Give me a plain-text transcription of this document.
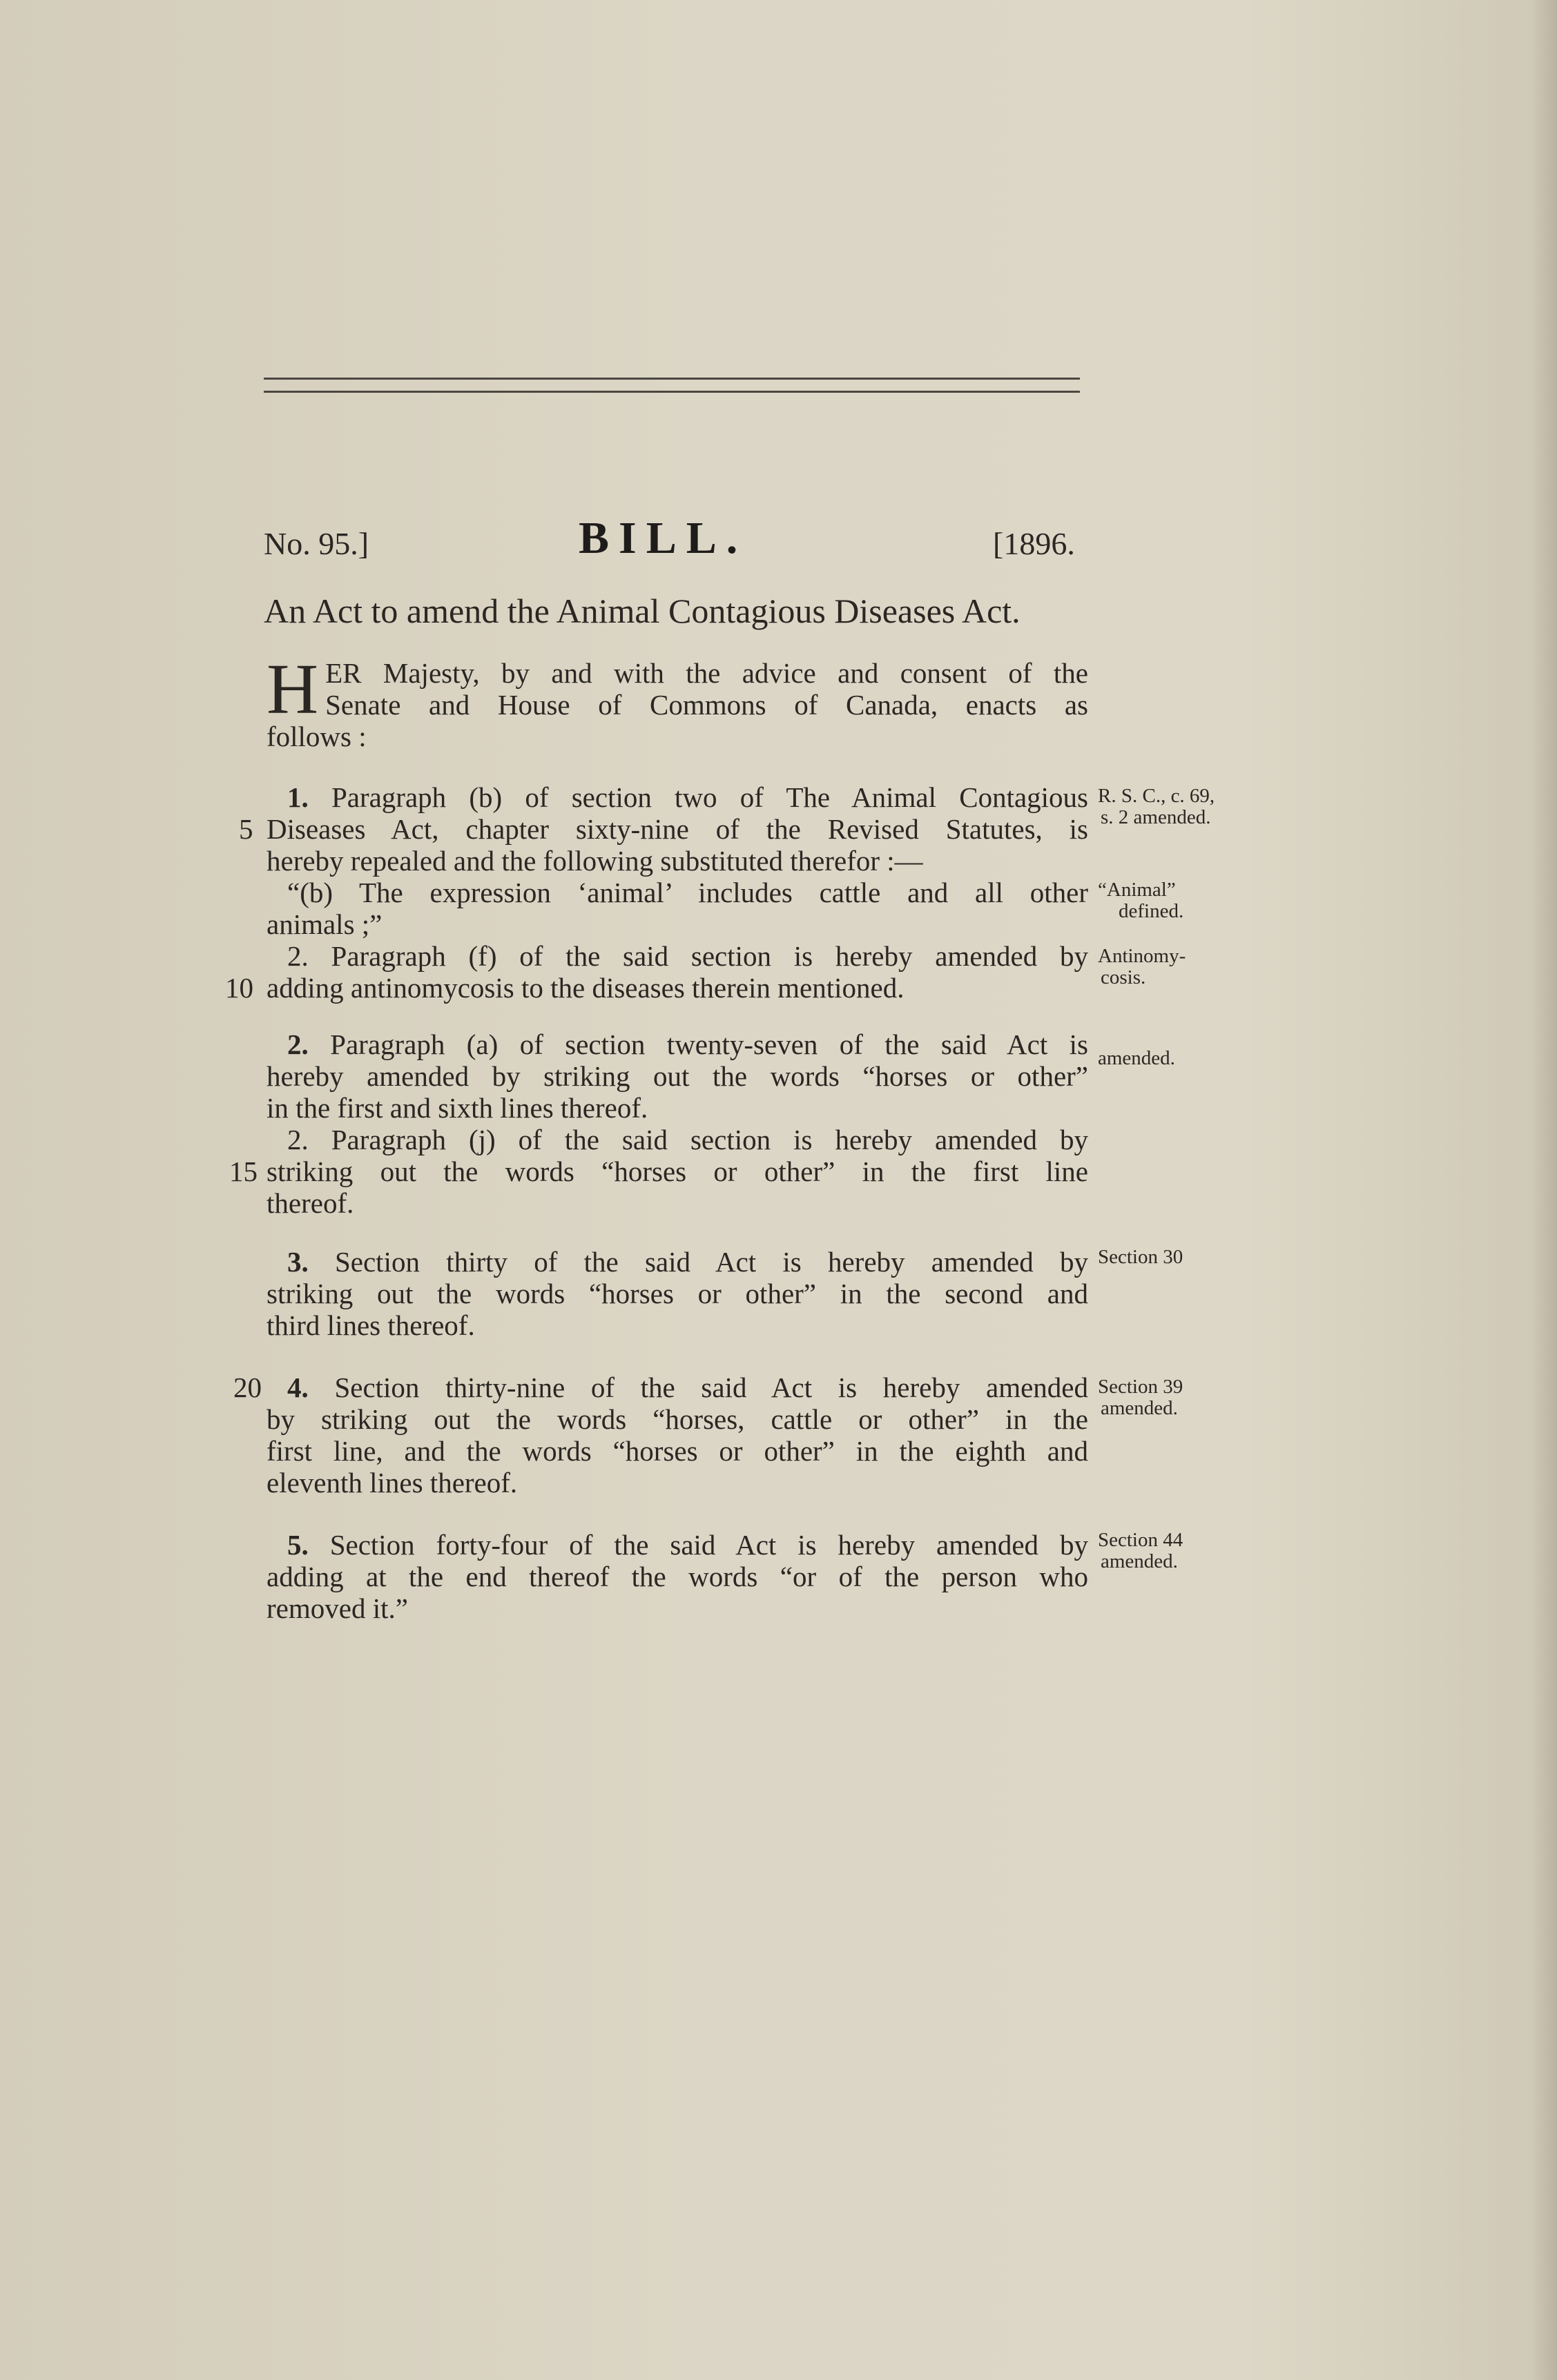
No. 95.]	BILL.	[1896.
An Act to amend the Animal Contagious Diseases Act.
H ER Majesty, by and with the advice and consent of the
Senate and House of Commons of Canada, enacts as
follows :
1. Paragraph (b) of section two of The Animal Contagious
Diseases Act, chapter sixty-nine of the Revised Statutes, is
hereby repealed and the following substituted therefor :—
“(b) The expression ‘animal’ includes cattle and all other
animals ;”
2. Paragraph (f) of the said section is hereby amended by
adding antinomycosis to the diseases therein mentioned.
2. Paragraph (a) of section twenty-seven of the said Act is
hereby amended by striking out the words “horses or other”
in the first and sixth lines thereof.
2. Paragraph (j) of the said section is hereby amended by
striking out the words “horses or other” in the first line
thereof.
3. Section thirty of the said Act is hereby amended by
striking out the words “horses or other” in the second and
third lines thereof.
4. Section thirty-nine of the said Act is hereby amended
by striking out the words “horses, cattle or other” in the
first line, and the words “horses or other” in the eighth and
eleventh lines thereof.
5. Section forty-four of the said Act is hereby amended by
adding at the end thereof the words “or of the person who
removed it.”
5
10
15
20
R. S. C., c. 69,
s. 2 amended.
“Animal”
defined.
Antinomy-
cosis.
amended.
Section 30
Section 39
amended.
Section 44
amended.
